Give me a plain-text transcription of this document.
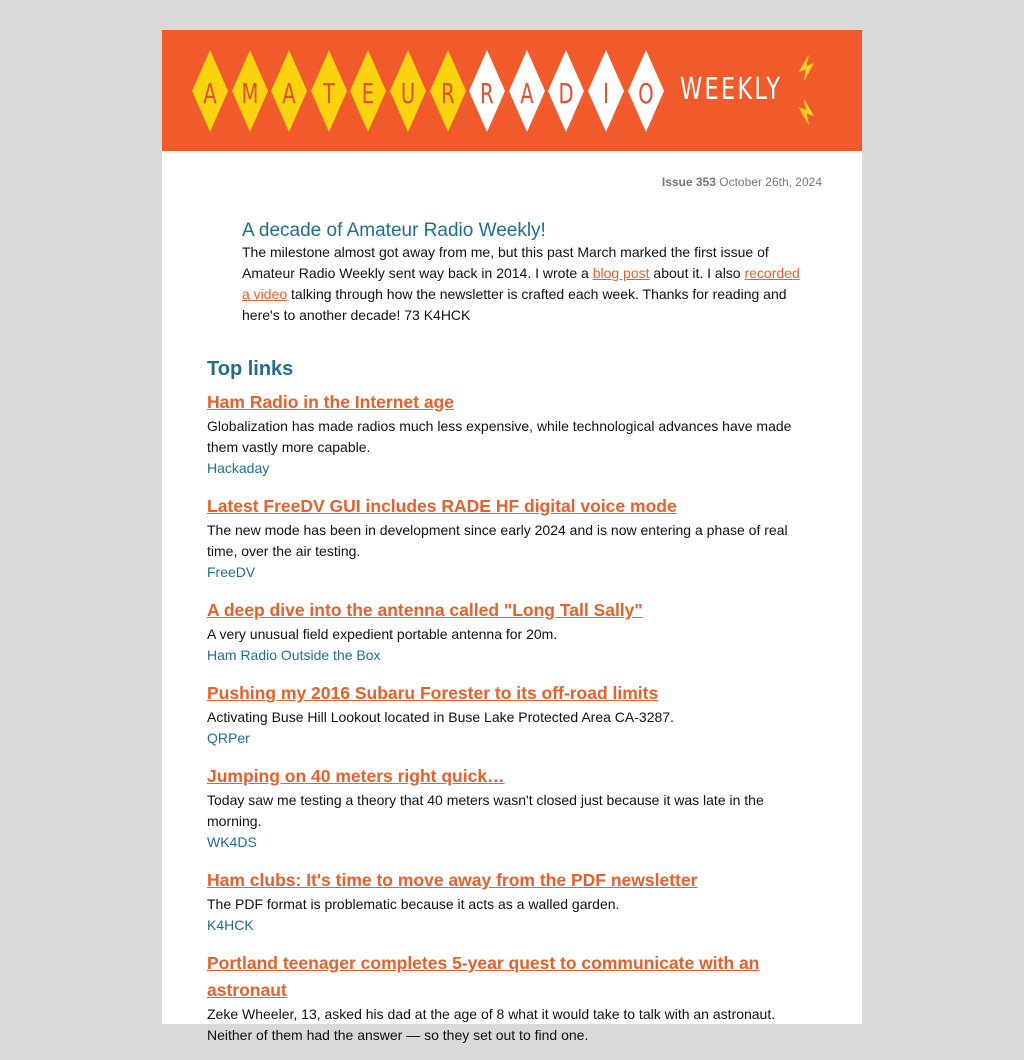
A M A T E U R R A D	I	O WEEKLY
⚡
⚡
Issue 353 October 26th, 2024
A decade of Amateur Radio Weekly!

The milestone almost got away from me, but this past March marked the first issue of Amateur Radio Weekly sent way back in 2014. I wrote a blog post about it. I also recorded a video talking through how the newsletter is crafted each week. Thanks for reading and here's to another decade! 73 K4HCK

Top links
Ham Radio in the Internet age

Globalization has made radios much less expensive, while technological advances have made them vastly more capable.

Hackaday
Latest FreeDV GUI includes RADE HF digital voice mode

The new mode has been in development since early 2024 and is now entering a phase of real time, over the air testing.

FreeDV
A deep dive into the antenna called "Long Tall Sally"

A very unusual field expedient portable antenna for 20m.

Ham Radio Outside the Box
Pushing my 2016 Subaru Forester to its off-road limits

Activating Buse Hill Lookout located in Buse Lake Protected Area CA-3287.

QRPer
Jumping on 40 meters right quick…

Today saw me testing a theory that 40 meters wasn't closed just because it was late in the morning.

WK4DS
Ham clubs: It's time to move away from the PDF newsletter

The PDF format is problematic because it acts as a walled garden.

K4HCK
Portland teenager completes 5-year quest to communicate with an astronaut

Zeke Wheeler, 13, asked his dad at the age of 8 what it would take to talk with an astronaut. Neither of them had the answer — so they set out to find one.
